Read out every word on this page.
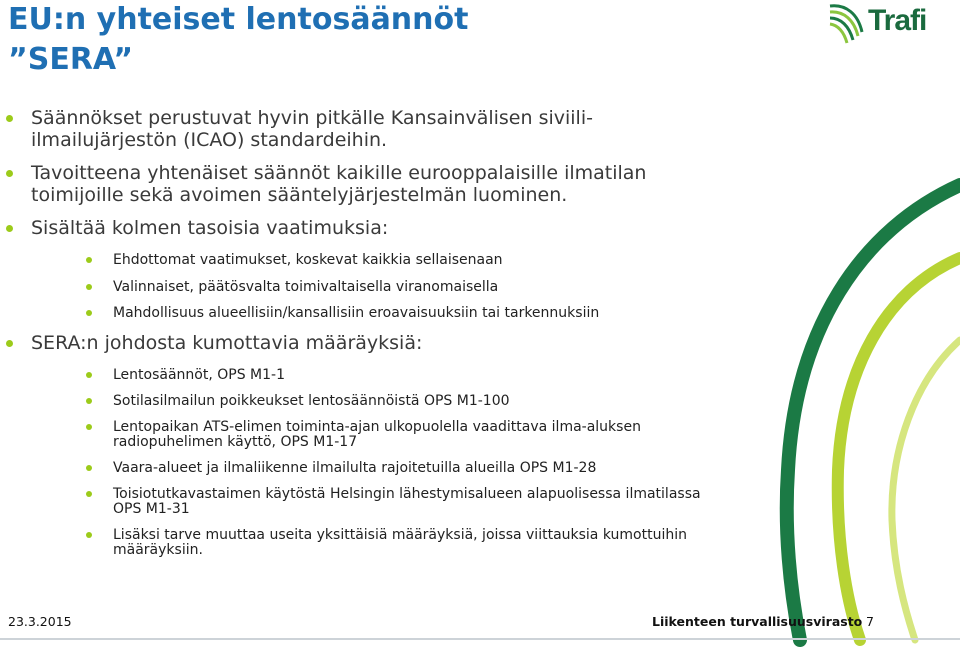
EU:n yhteiset lentosäännöt
”SERA”
Trafi
Säännökset perustuvat hyvin pitkälle Kansainvälisen siviili-
ilmailujärjestön (ICAO) standardeihin.
Tavoitteena yhtenäiset säännöt kaikille eurooppalaisille ilmatilan
toimijoille sekä avoimen sääntelyjärjestelmän luominen.
Sisältää kolmen tasoisia vaatimuksia:
Ehdottomat vaatimukset, koskevat kaikkia sellaisenaan
Valinnaiset, päätösvalta toimivaltaisella viranomaisella
Mahdollisuus alueellisiin/kansallisiin eroavaisuuksiin tai tarkennuksiin
SERA:n johdosta kumottavia määräyksiä:
Lentosäännöt, OPS M1-1
Sotilasilmailun poikkeukset lentosäännöistä OPS M1-100
Lentopaikan ATS-elimen toiminta-ajan ulkopuolella vaadittava ilma-aluksen
radiopuhelimen käyttö, OPS M1-17
Vaara-alueet ja ilmaliikenne ilmailulta rajoitetuilla alueilla OPS M1-28
Toisiotutkavastaimen käytöstä Helsingin lähestymisalueen alapuolisessa ilmatilassa
OPS M1-31
Lisäksi tarve muuttaa useita yksittäisiä määräyksiä, joissa viittauksia kumottuihin
määräyksiin.
23.3.2015	Liikenteen turvallisuusvirasto 7
